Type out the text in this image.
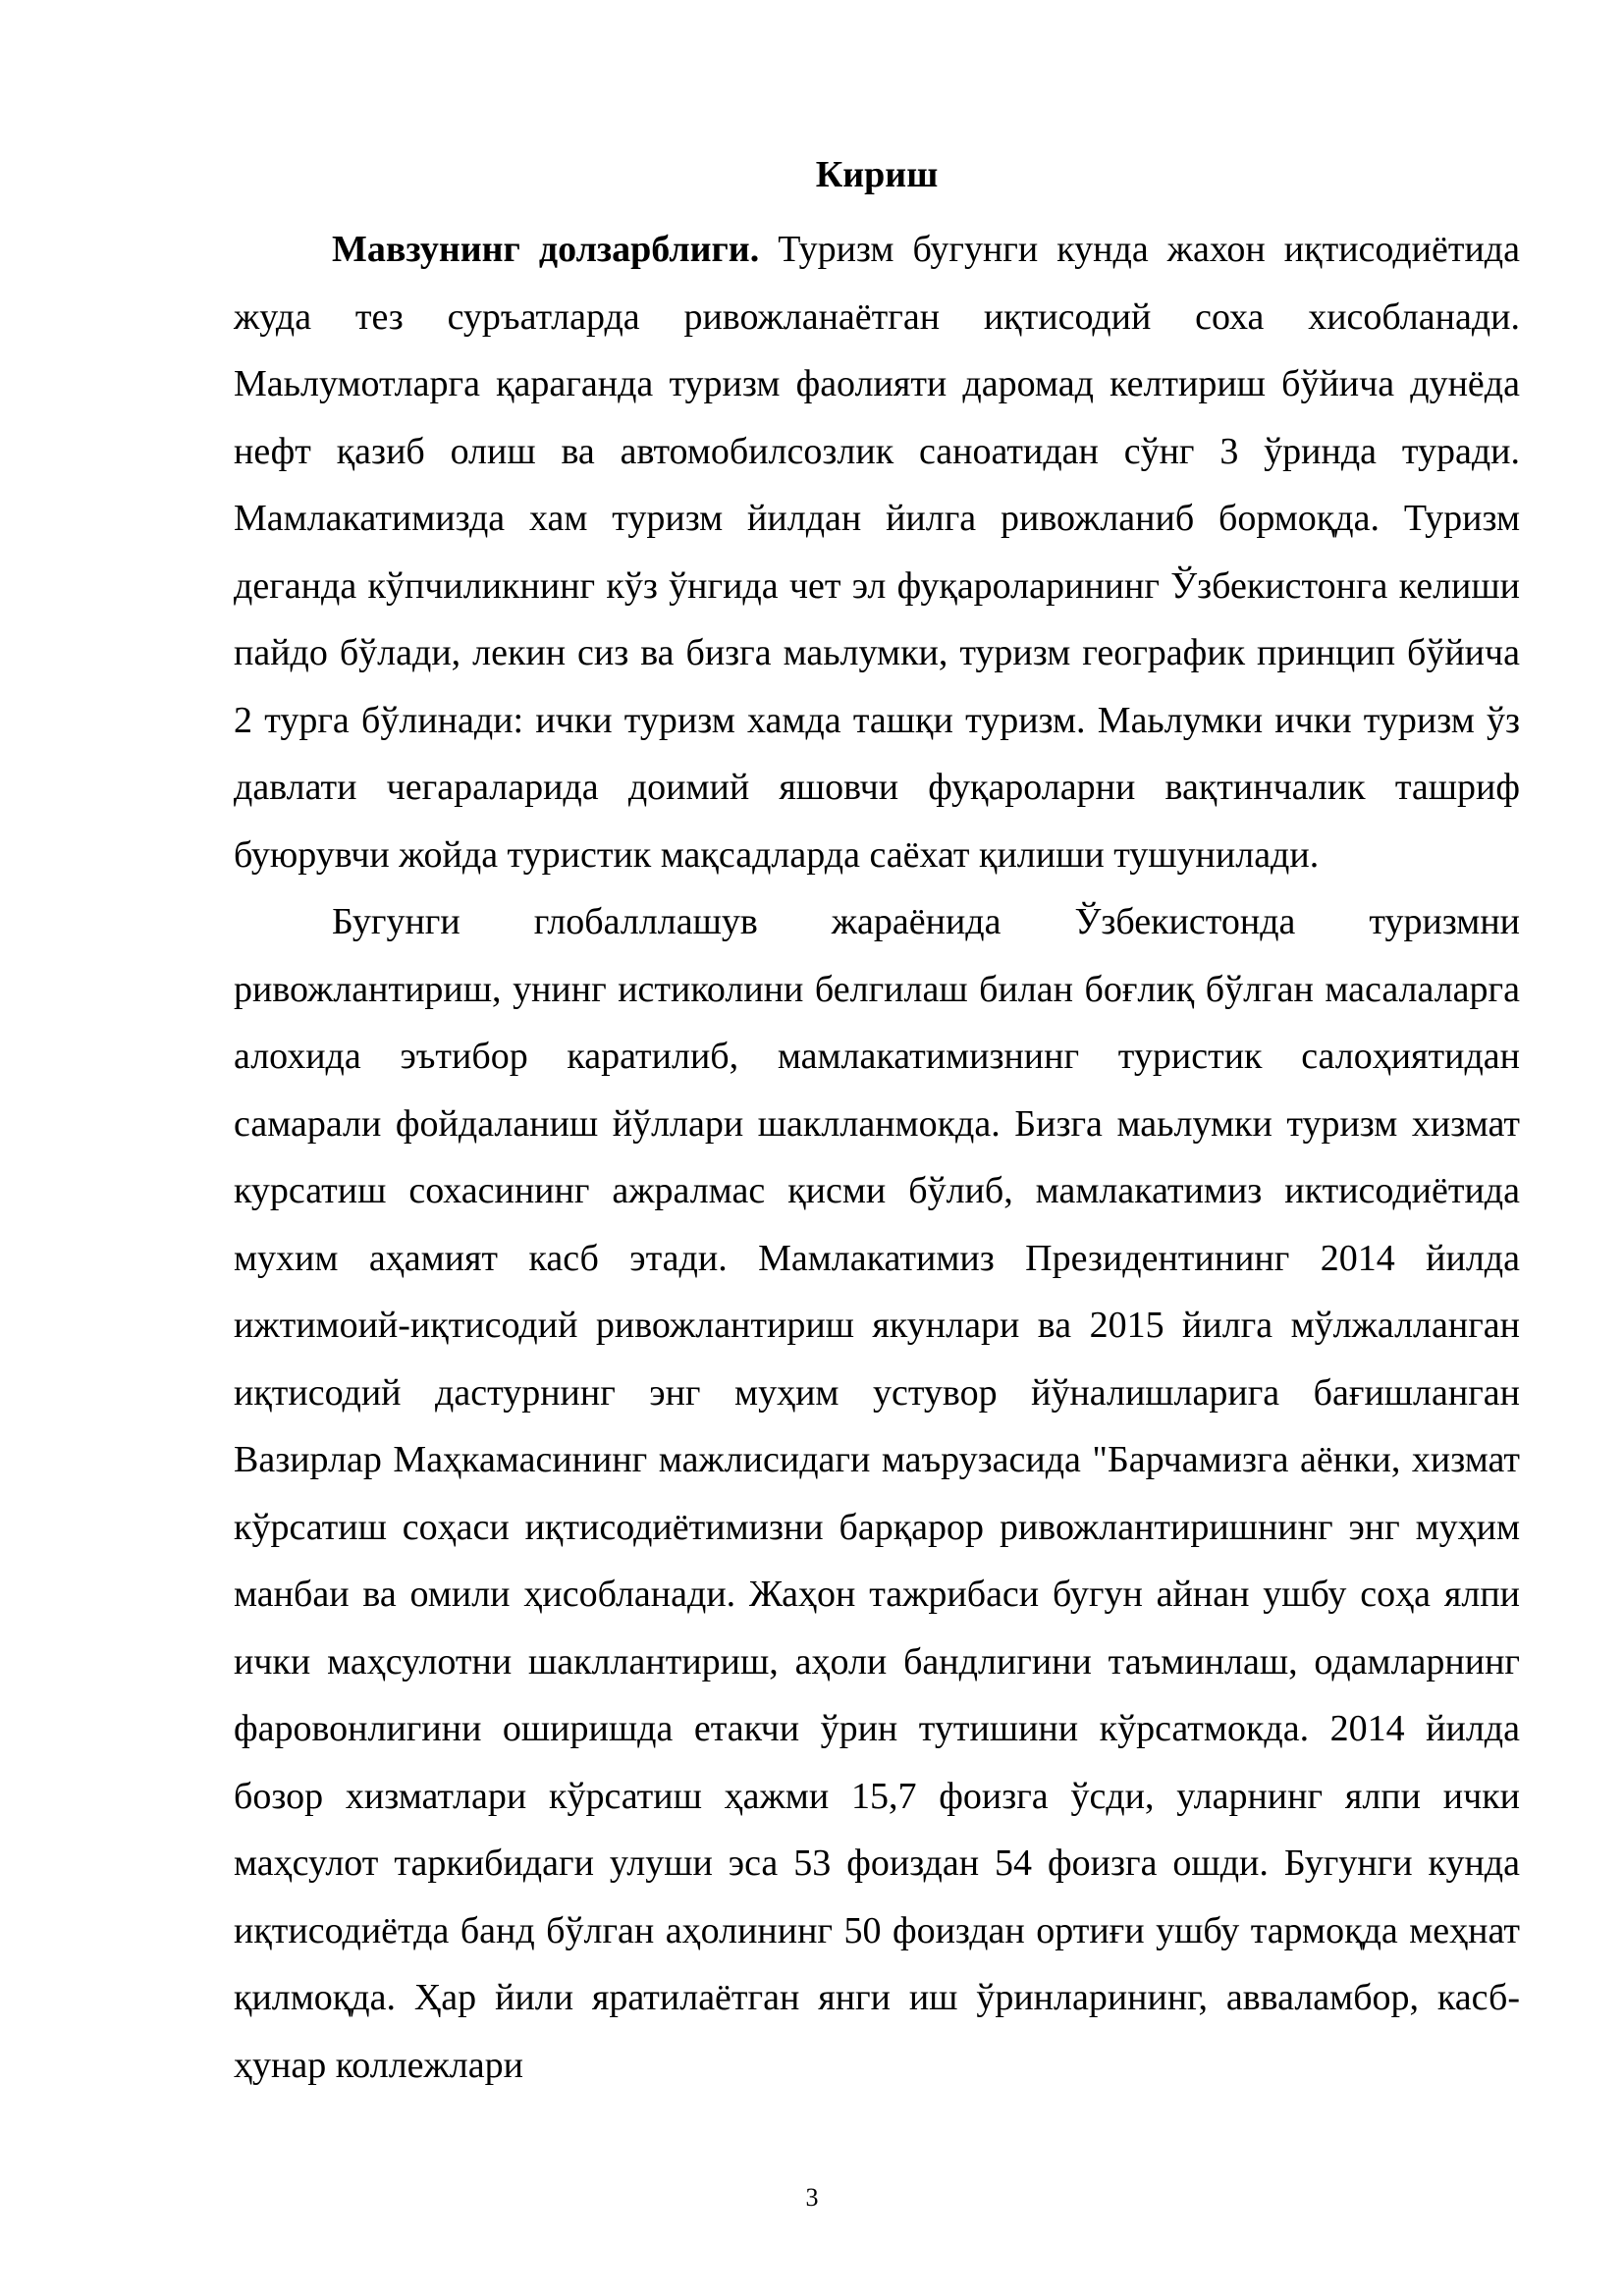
Кириш

Мавзунинг долзарблиги. Туризм бугунги кунда жахон иқтисодиётида жуда тез суръатларда ривожланаётган иқтисодий соха хисобланади. Маьлумотларга қараганда туризм фаолияти даромад келтириш бўйича дунёда нефт қазиб олиш ва автомобилсозлик саноатидан сўнг 3 ўринда туради. Мамлакатимизда хам туризм йилдан йилга ривожланиб бормоқда. Туризм деганда кўпчиликнинг кўз ўнгида чет эл фуқароларининг Ўзбекистонга келиши пайдо бўлади, лекин сиз ва бизга маьлумки, туризм географик принцип бўйича 2 турга бўлинади: ички туризм хамда ташқи туризм. Маьлумки ички туризм ўз давлати чегараларида доимий яшовчи фуқароларни вақтинчалик ташриф буюрувчи жойда туристик мақсадларда саёхат қилиши тушунилади.

Бугунги глобалллашув жараёнида Ўзбекистонда туризмни ривожлантириш, унинг истиколини белгилаш билан боғлиқ бўлган масалаларга алохида эътибор каратилиб, мамлакатимизнинг туристик салоҳиятидан самарали фойдаланиш йўллари шаклланмокда. Бизга маьлумки туризм хизмат курсатиш сохасининг ажралмас қисми бўлиб, мамлакатимиз иктисодиётида мухим аҳамият касб этади. Мамлакатимиз Президентининг 2014 йилда ижтимоий-иқтисодий ривожлантириш якунлари ва 2015 йилга мўлжалланган иқтисодий дастурнинг энг муҳим устувор йўналишларига бағишланган Вазирлар Маҳкамасининг мажлисидаги маърузасида "Барчамизга аёнки, хизмат кўрсатиш соҳаси иқтисодиётимизни барқарор ривожлантиришнинг энг муҳим манбаи ва омили ҳисобланади. Жаҳон тажрибаси бугун айнан ушбу соҳа ялпи ички маҳсулотни шакллантириш, аҳоли бандлигини таъминлаш, одамларнинг фаровонлигини оширишда етакчи ўрин тутишини кўрсатмокда. 2014 йилда бозор хизматлари кўрсатиш ҳажми 15,7 фоизга ўсди, уларнинг ялпи ички маҳсулот таркибидаги улуши эса 53 фоиздан 54 фоизга ошди. Бугунги кунда иқтисодиётда банд бўлган аҳолининг 50 фоиздан ортиғи ушбу тармоқда меҳнат қилмоқда. Ҳар йили яратилаётган янги иш ўринларининг, авваламбор, касб-ҳунар коллежлари

3
